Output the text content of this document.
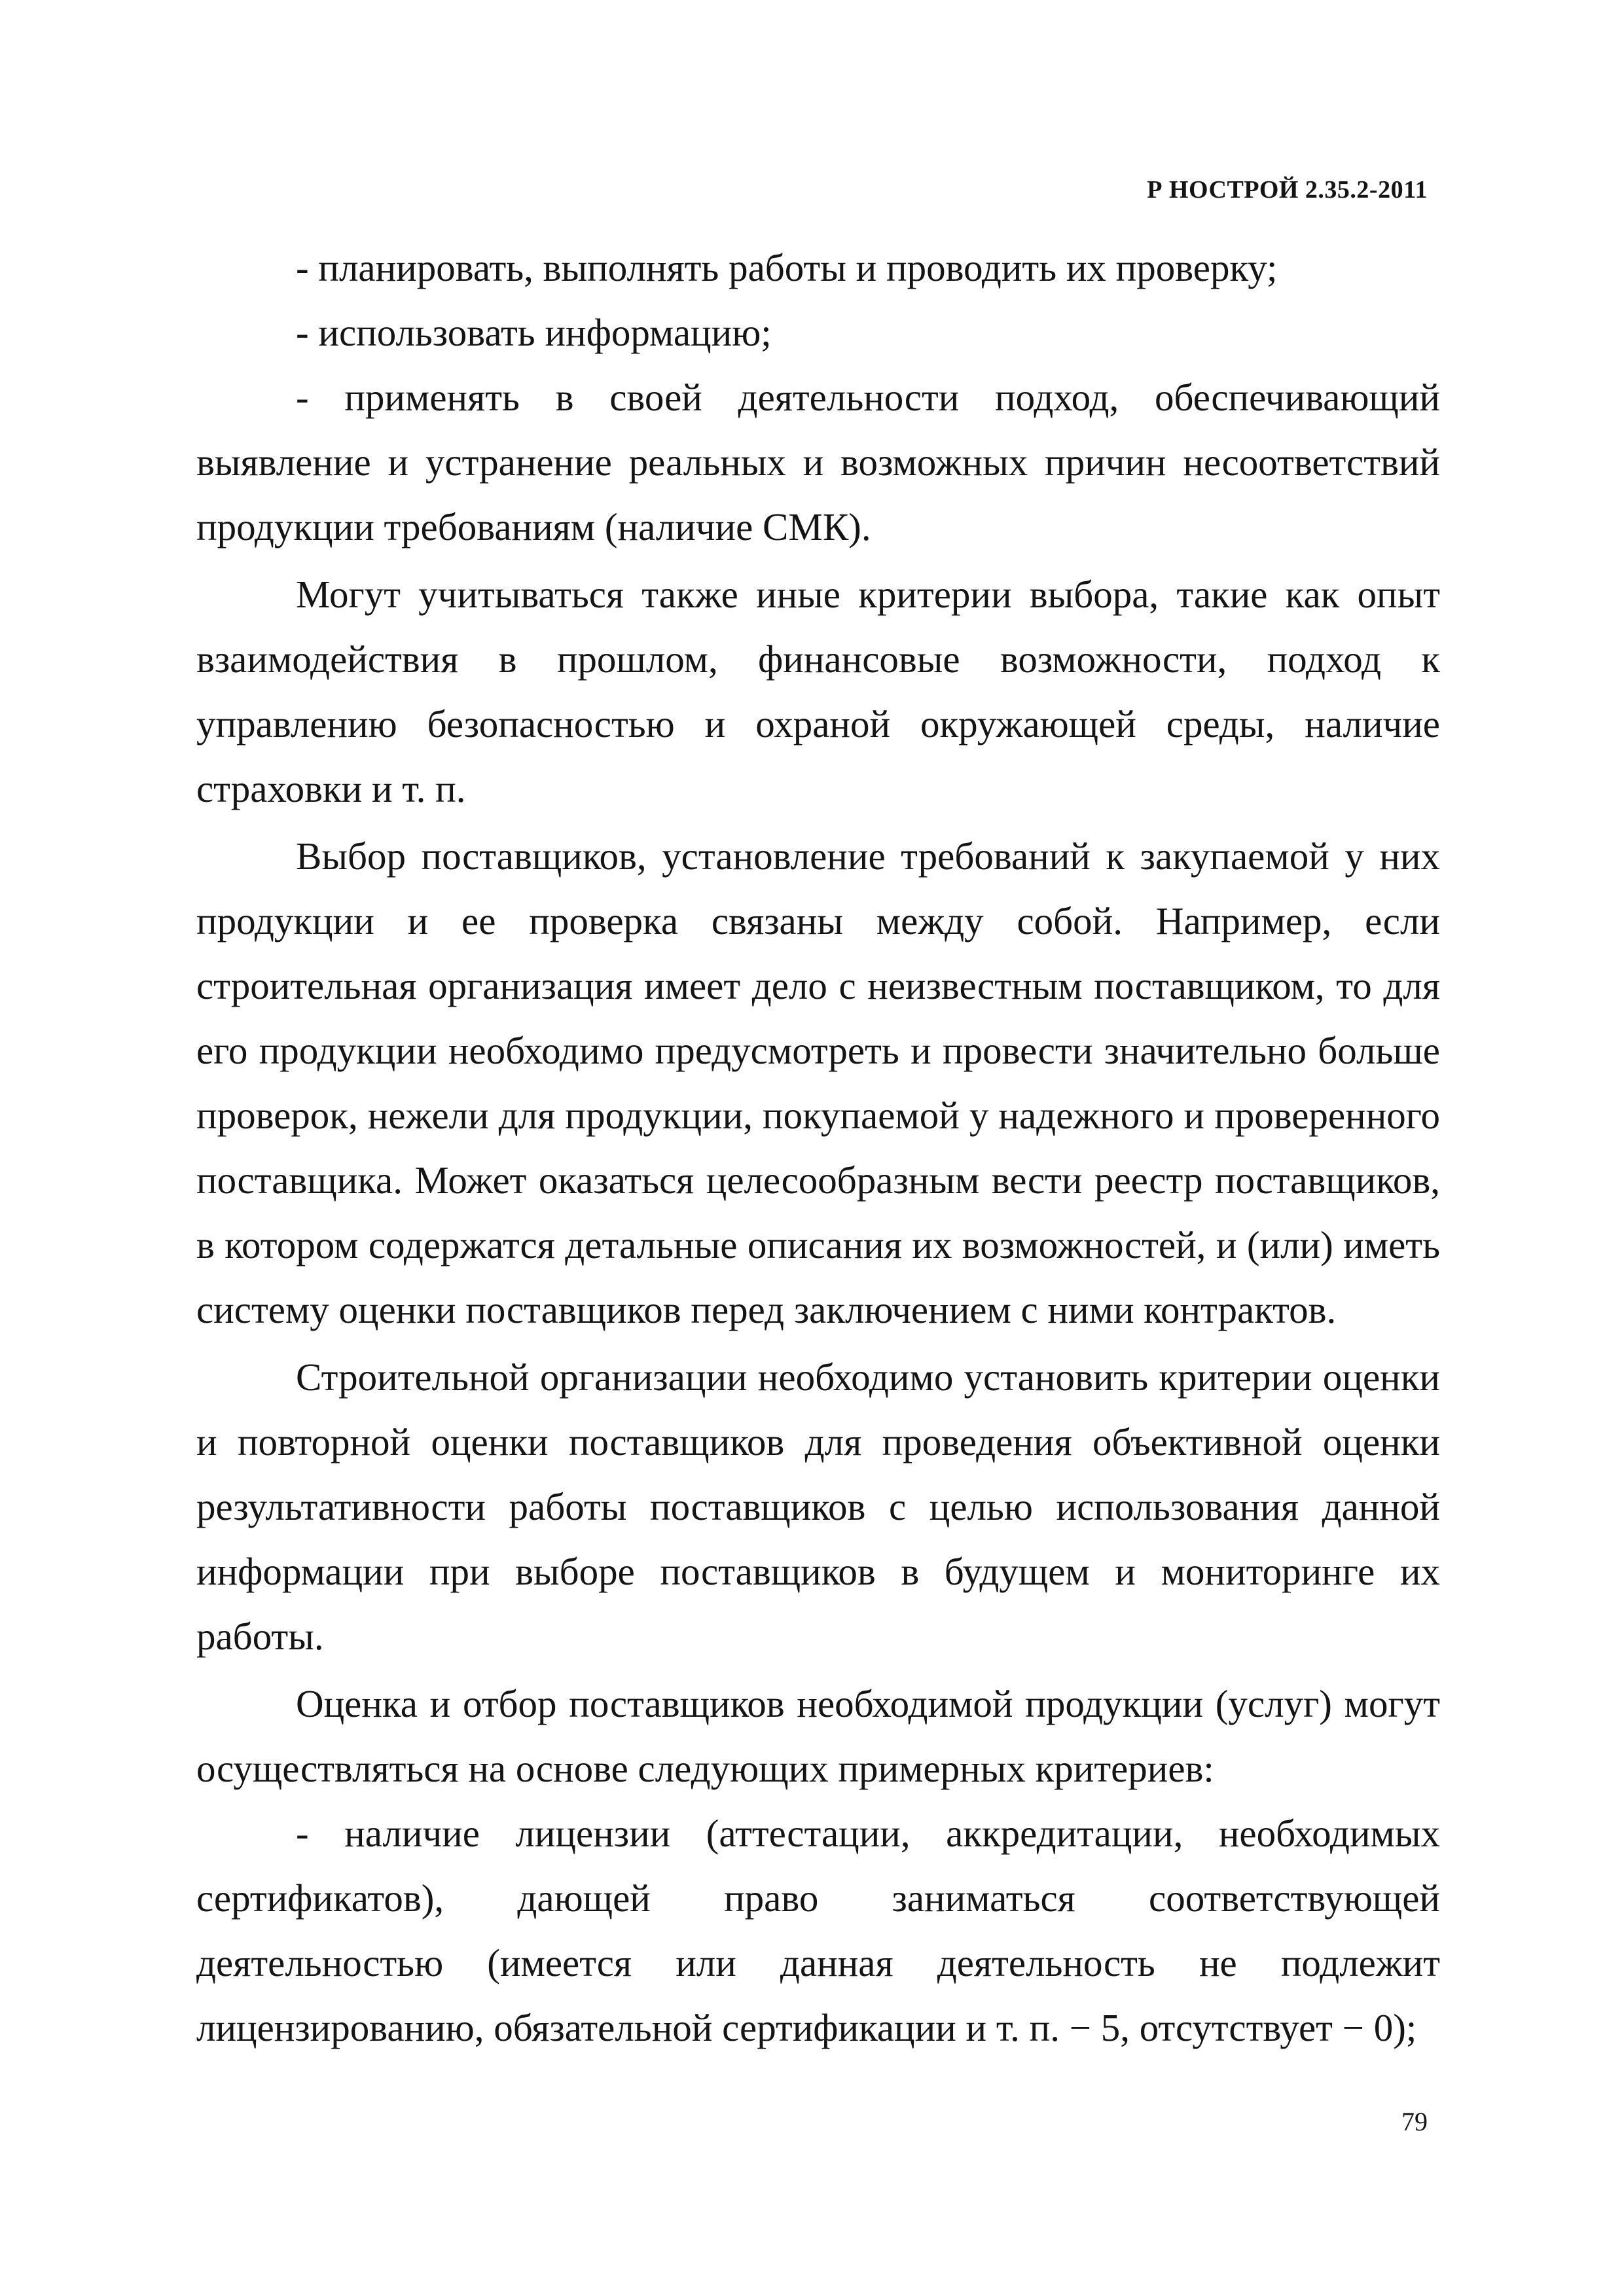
Р НОСТРОЙ 2.35.2-2011

- планировать, выполнять работы и проводить их проверку;

- использовать информацию;

- применять в своей деятельности подход, обеспечивающий выявление и устранение реальных и возможных причин несоответствий продукции требованиям (наличие СМК).

Могут учитываться также иные критерии выбора, такие как опыт взаимодействия в прошлом, финансовые возможности, подход к управлению безопасностью и охраной окружающей среды, наличие страховки и т. п.

Выбор поставщиков, установление требований к закупаемой у них продукции и ее проверка связаны между собой. Например, если строительная организация имеет дело с неизвестным поставщиком, то для его продукции необходимо предусмотреть и провести значительно больше проверок, нежели для продукции, покупаемой у надежного и проверенного поставщика. Может оказаться целесообразным вести реестр поставщиков, в котором содержатся детальные описания их возможностей, и (или) иметь систему оценки поставщиков перед заключением с ними контрактов.

Строительной организации необходимо установить критерии оценки и повторной оценки поставщиков для проведения объективной оценки результативности работы поставщиков с целью использования данной информации при выборе поставщиков в будущем и мониторинге их работы.

Оценка и отбор поставщиков необходимой продукции (услуг) могут осуществляться на основе следующих примерных критериев:

- наличие лицензии (аттестации, аккредитации, необходимых сертификатов), дающей право заниматься соответствующей деятельностью (имеется или данная деятельность не подлежит лицензированию, обязательной сертификации и т. п. − 5, отсутствует − 0);

79
